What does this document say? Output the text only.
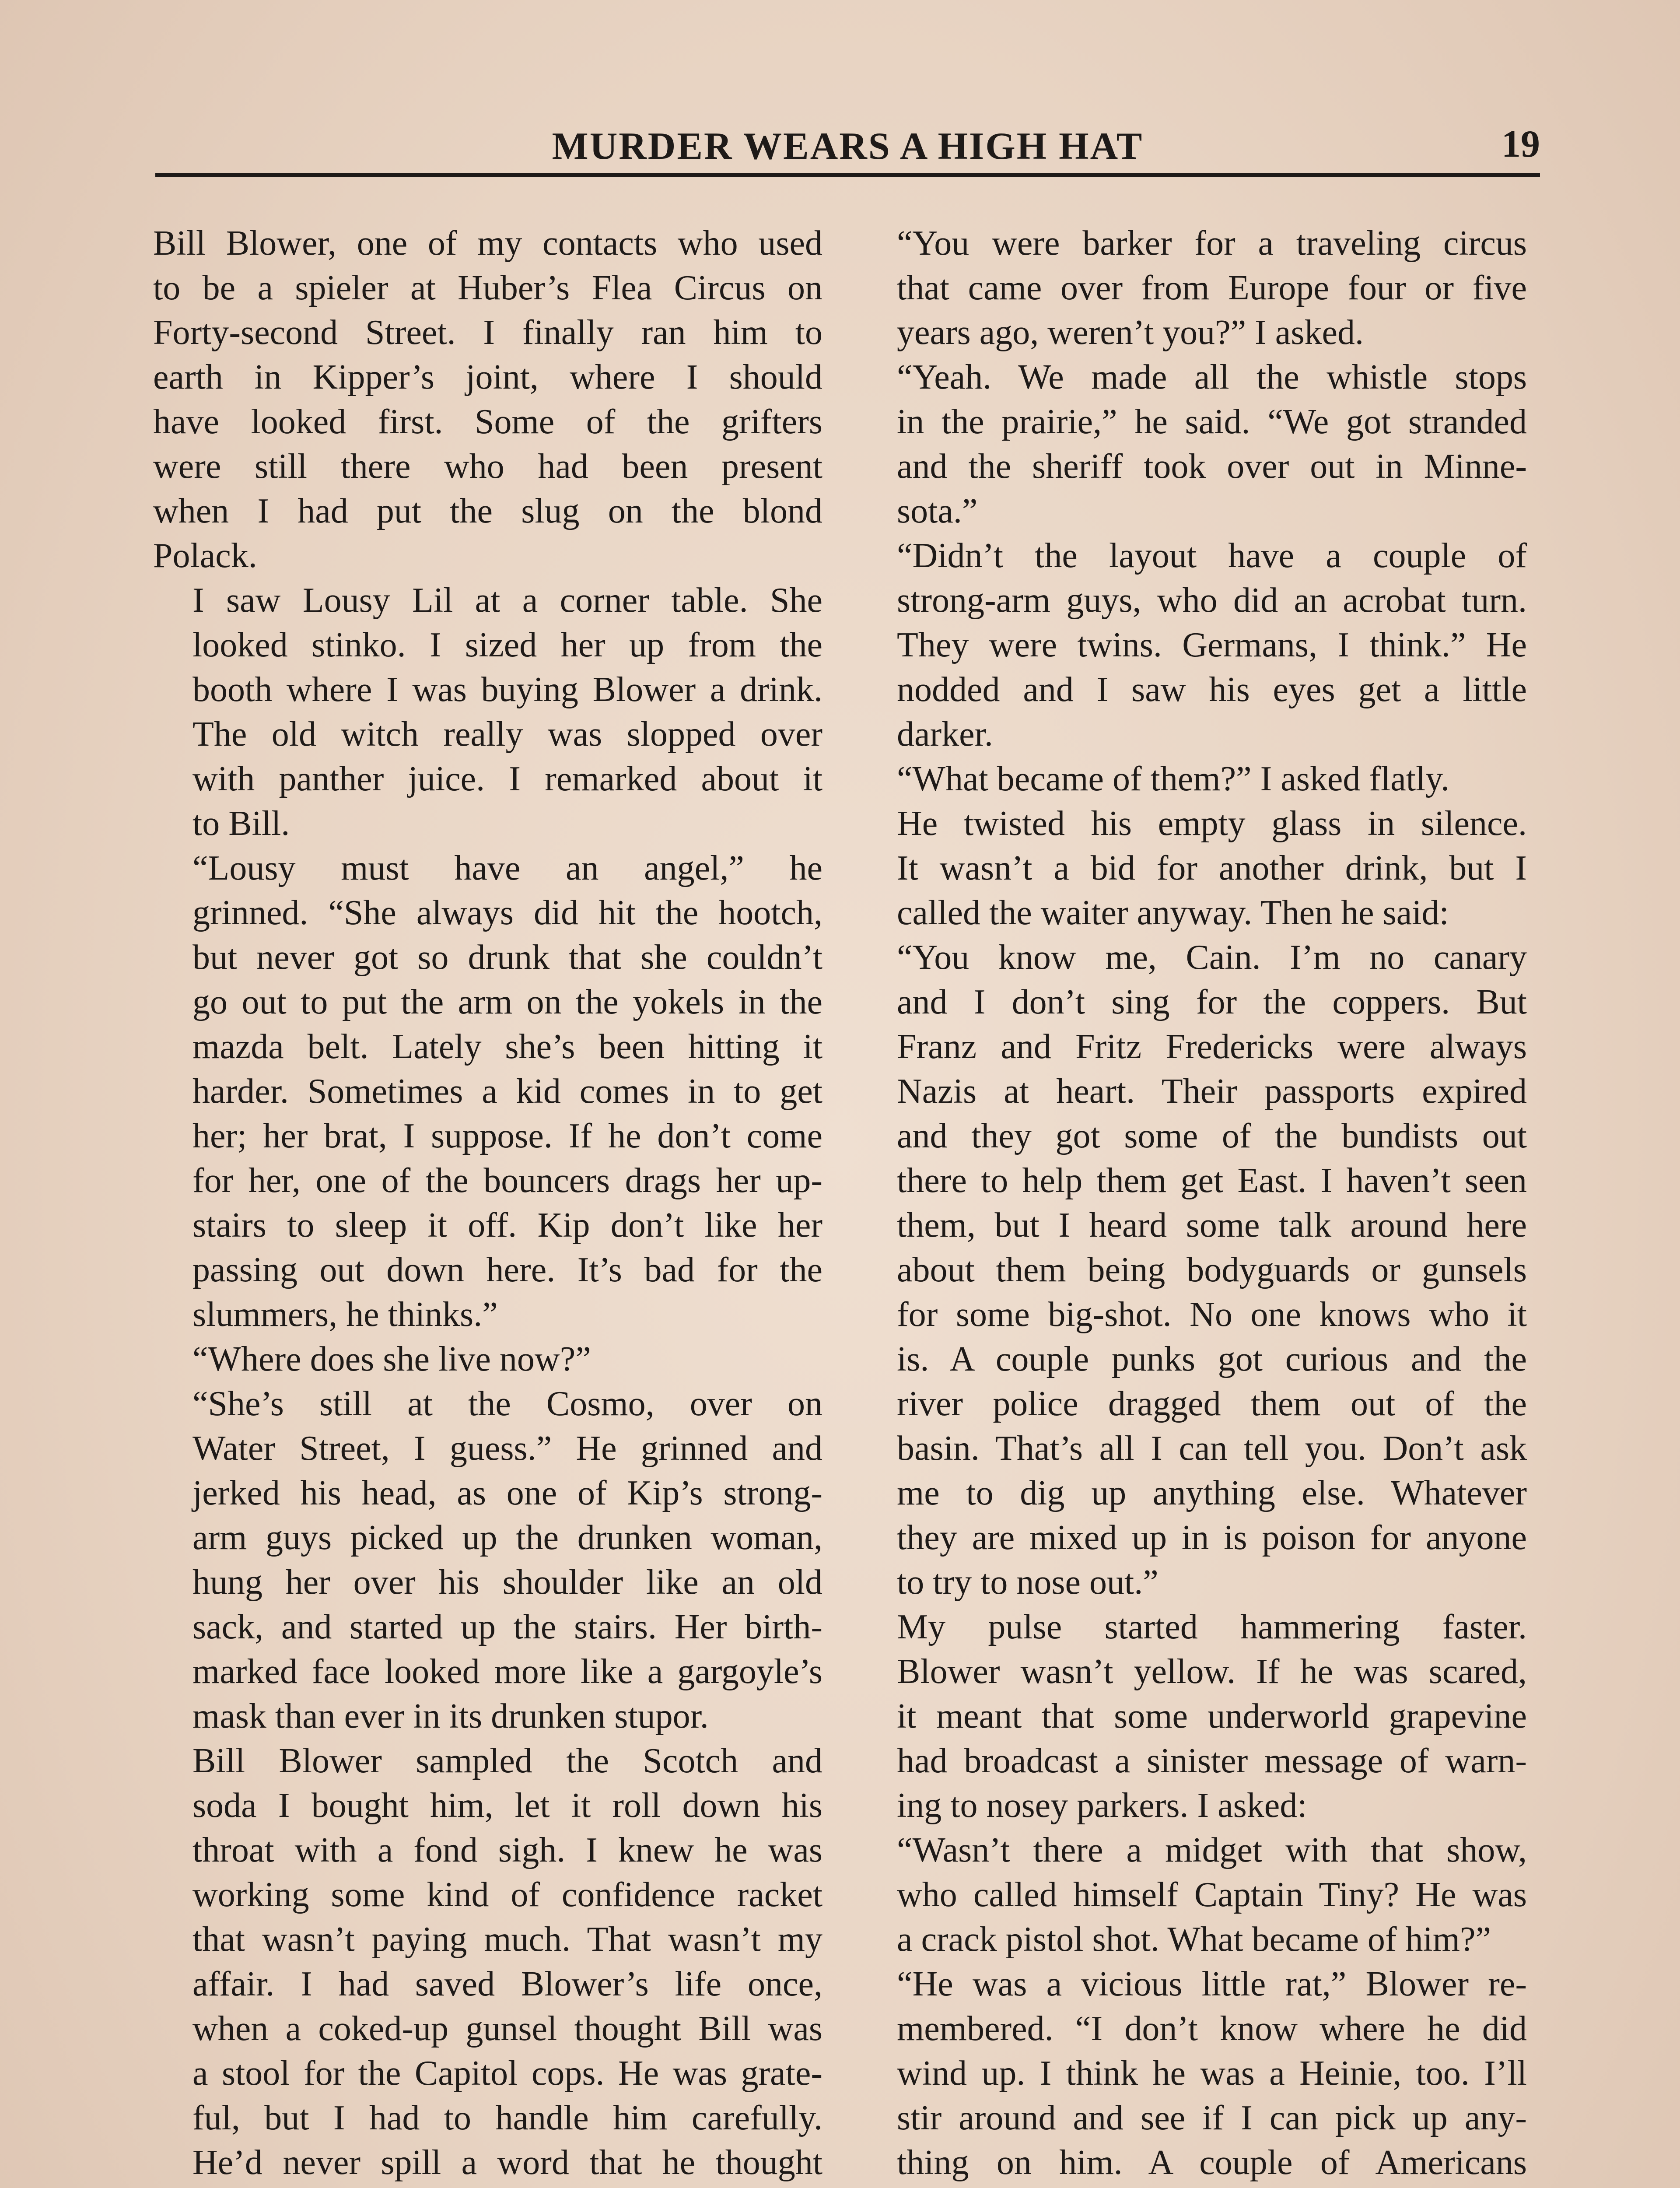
MURDER WEARS A HIGH HAT	19

Bill Blower, one of my contacts who used
to be a spieler at Huber’s Flea Circus on
Forty-second Street. I finally ran him to
earth in Kipper’s joint, where I should
have looked first. Some of the grifters
were still there who had been present
when I had put the slug on the blond
Polack.

I saw Lousy Lil at a corner table. She
looked stinko. I sized her up from the
booth where I was buying Blower a drink.
The old witch really was slopped over
with panther juice. I remarked about it
to Bill.

“Lousy must have an angel,” he
grinned. “She always did hit the hootch,
but never got so drunk that she couldn’t
go out to put the arm on the yokels in the
mazda belt. Lately she’s been hitting it
harder. Sometimes a kid comes in to get
her; her brat, I suppose. If he don’t come
for her, one of the bouncers drags her up-
stairs to sleep it off. Kip don’t like her
passing out down here. It’s bad for the
slummers, he thinks.”

“Where does she live now?”

“She’s still at the Cosmo, over on
Water Street, I guess.” He grinned and
jerked his head, as one of Kip’s strong-
arm guys picked up the drunken woman,
hung her over his shoulder like an old
sack, and started up the stairs. Her birth-
marked face looked more like a gargoyle’s
mask than ever in its drunken stupor.

Bill Blower sampled the Scotch and
soda I bought him, let it roll down his
throat with a fond sigh. I knew he was
working some kind of confidence racket
that wasn’t paying much. That wasn’t my
affair. I had saved Blower’s life once,
when a coked-up gunsel thought Bill was
a stool for the Capitol cops. He was grate-
ful, but I had to handle him carefully.
He’d never spill a word that he thought

“You were barker for a traveling circus
that came over from Europe four or five
years ago, weren’t you?” I asked.

“Yeah. We made all the whistle stops
in the prairie,” he said. “We got stranded
and the sheriff took over out in Minne-
sota.”

“Didn’t the layout have a couple of
strong-arm guys, who did an acrobat turn.
They were twins. Germans, I think.” He
nodded and I saw his eyes get a little
darker.

“What became of them?” I asked flatly.

He twisted his empty glass in silence.
It wasn’t a bid for another drink, but I
called the waiter anyway. Then he said:

“You know me, Cain. I’m no canary
and I don’t sing for the coppers. But
Franz and Fritz Fredericks were always
Nazis at heart. Their passports expired
and they got some of the bundists out
there to help them get East. I haven’t seen
them, but I heard some talk around here
about them being bodyguards or gunsels
for some big-shot. No one knows who it
is. A couple punks got curious and the
river police dragged them out of the
basin. That’s all I can tell you. Don’t ask
me to dig up anything else. Whatever
they are mixed up in is poison for anyone
to try to nose out.”

My pulse started hammering faster.
Blower wasn’t yellow. If he was scared,
it meant that some underworld grapevine
had broadcast a sinister message of warn-
ing to nosey parkers. I asked:

“Wasn’t there a midget with that show,
who called himself Captain Tiny? He was
a crack pistol shot. What became of him?”

“He was a vicious little rat,” Blower re-
membered. “I don’t know where he did
wind up. I think he was a Heinie, too. I’ll
stir around and see if I can pick up any-
thing on him. A couple of Americans
